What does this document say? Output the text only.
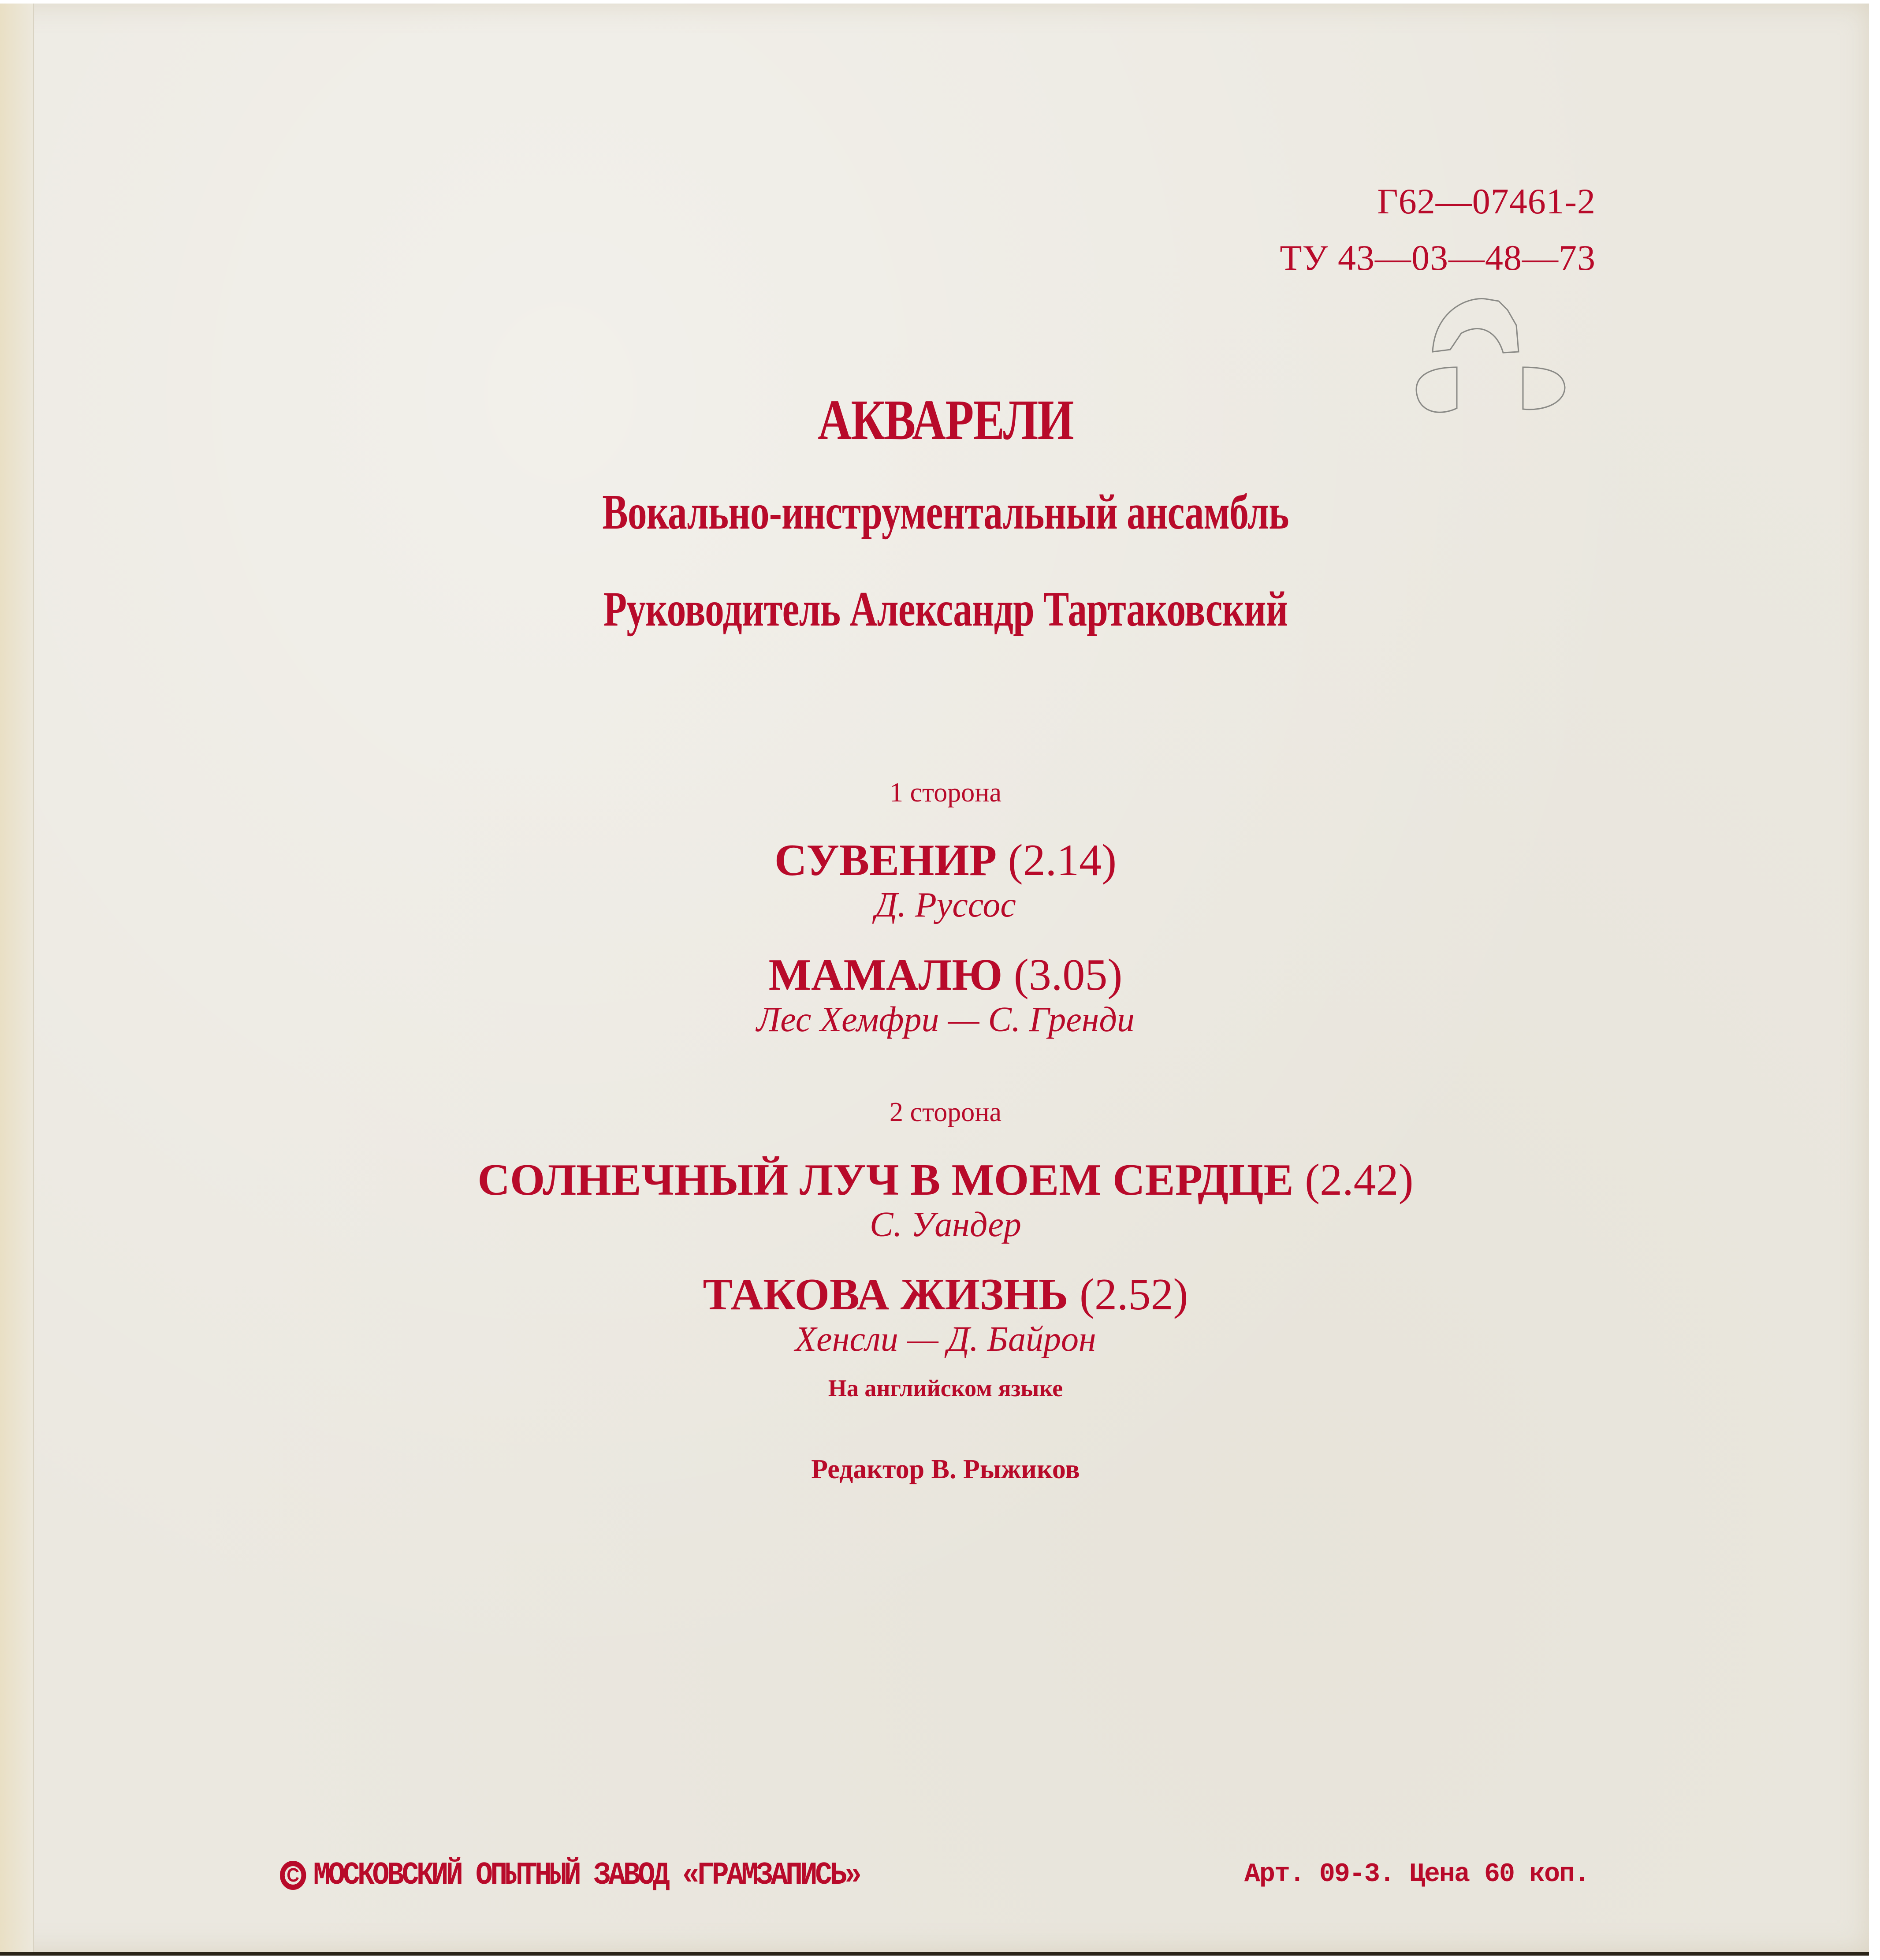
Г62—07461-2
ТУ 43—03—48—73
АКВАРЕЛИ
Вокально-инструментальный ансамбль
Руководитель Александр Тартаковский
1 сторона
СУВЕНИР (2.14)
Д. Руссос
МАМАЛЮ (3.05)
Лес Хемфри — С. Гренди
2 сторона
СОЛНЕЧНЫЙ ЛУЧ В МОЕМ СЕРДЦЕ (2.42)
С. Уандер
ТАКОВА ЖИЗНЬ (2.52)
Хенсли — Д. Байрон
На английском языке
Редактор В. Рыжиков
C МОСКОВСКИЙ ОПЫТНЫЙ ЗАВОД «ГРАМЗАПИСЬ»	Арт. 09-3. Цена 60 коп.
